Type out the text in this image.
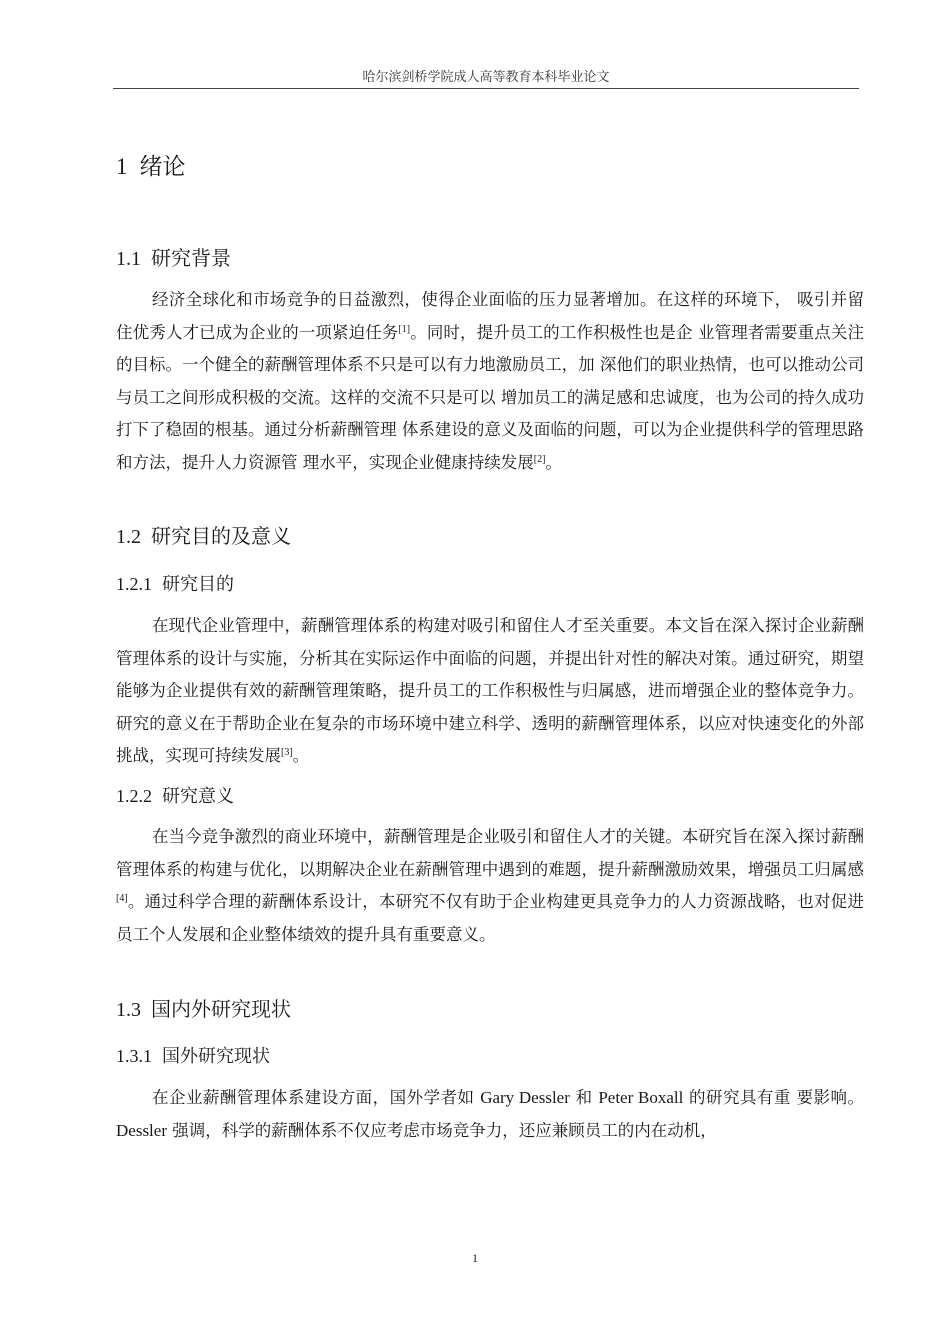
哈尔滨剑桥学院成人高等教育本科毕业论文
1 绪论
1.1 研究背景
经济全球化和市场竞争的日益激烈，使得企业面临的压力显著增加。在这样的环境下， 吸引并留住优秀人才已成为企业的一项紧迫任务[1]。同时，提升员工的工作积极性也是企 业管理者需要重点关注的目标。一个健全的薪酬管理体系不只是可以有力地激励员工，加 深他们的职业热情，也可以推动公司与员工之间形成积极的交流。这样的交流不只是可以 增加员工的满足感和忠诚度，也为公司的持久成功打下了稳固的根基。通过分析薪酬管理 体系建设的意义及面临的问题，可以为企业提供科学的管理思路和方法，提升人力资源管 理水平，实现企业健康持续发展[2]。
1.2 研究目的及意义
1.2.1 研究目的
在现代企业管理中，薪酬管理体系的构建对吸引和留住人才至关重要。本文旨在深入探讨企业薪酬管理体系的设计与实施，分析其在实际运作中面临的问题，并提出针对性的解决对策。通过研究，期望能够为企业提供有效的薪酬管理策略，提升员工的工作积极性与归属感，进而增强企业的整体竞争力。研究的意义在于帮助企业在复杂的市场环境中建立科学、透明的薪酬管理体系，以应对快速变化的外部挑战，实现可持续发展[3]。
1.2.2 研究意义
在当今竞争激烈的商业环境中，薪酬管理是企业吸引和留住人才的关键。本研究旨在深入探讨薪酬管理体系的构建与优化，以期解决企业在薪酬管理中遇到的难题，提升薪酬激励效果，增强员工归属感[4]。通过科学合理的薪酬体系设计，本研究不仅有助于企业构建更具竞争力的人力资源战略，也对促进员工个人发展和企业整体绩效的提升具有重要意义。
1.3 国内外研究现状
1.3.1 国外研究现状
在企业薪酬管理体系建设方面，国外学者如 Gary Dessler 和 Peter Boxall 的研究具有重 要影响。Dessler 强调，科学的薪酬体系不仅应考虑市场竞争力，还应兼顾员工的内在动机，
1
